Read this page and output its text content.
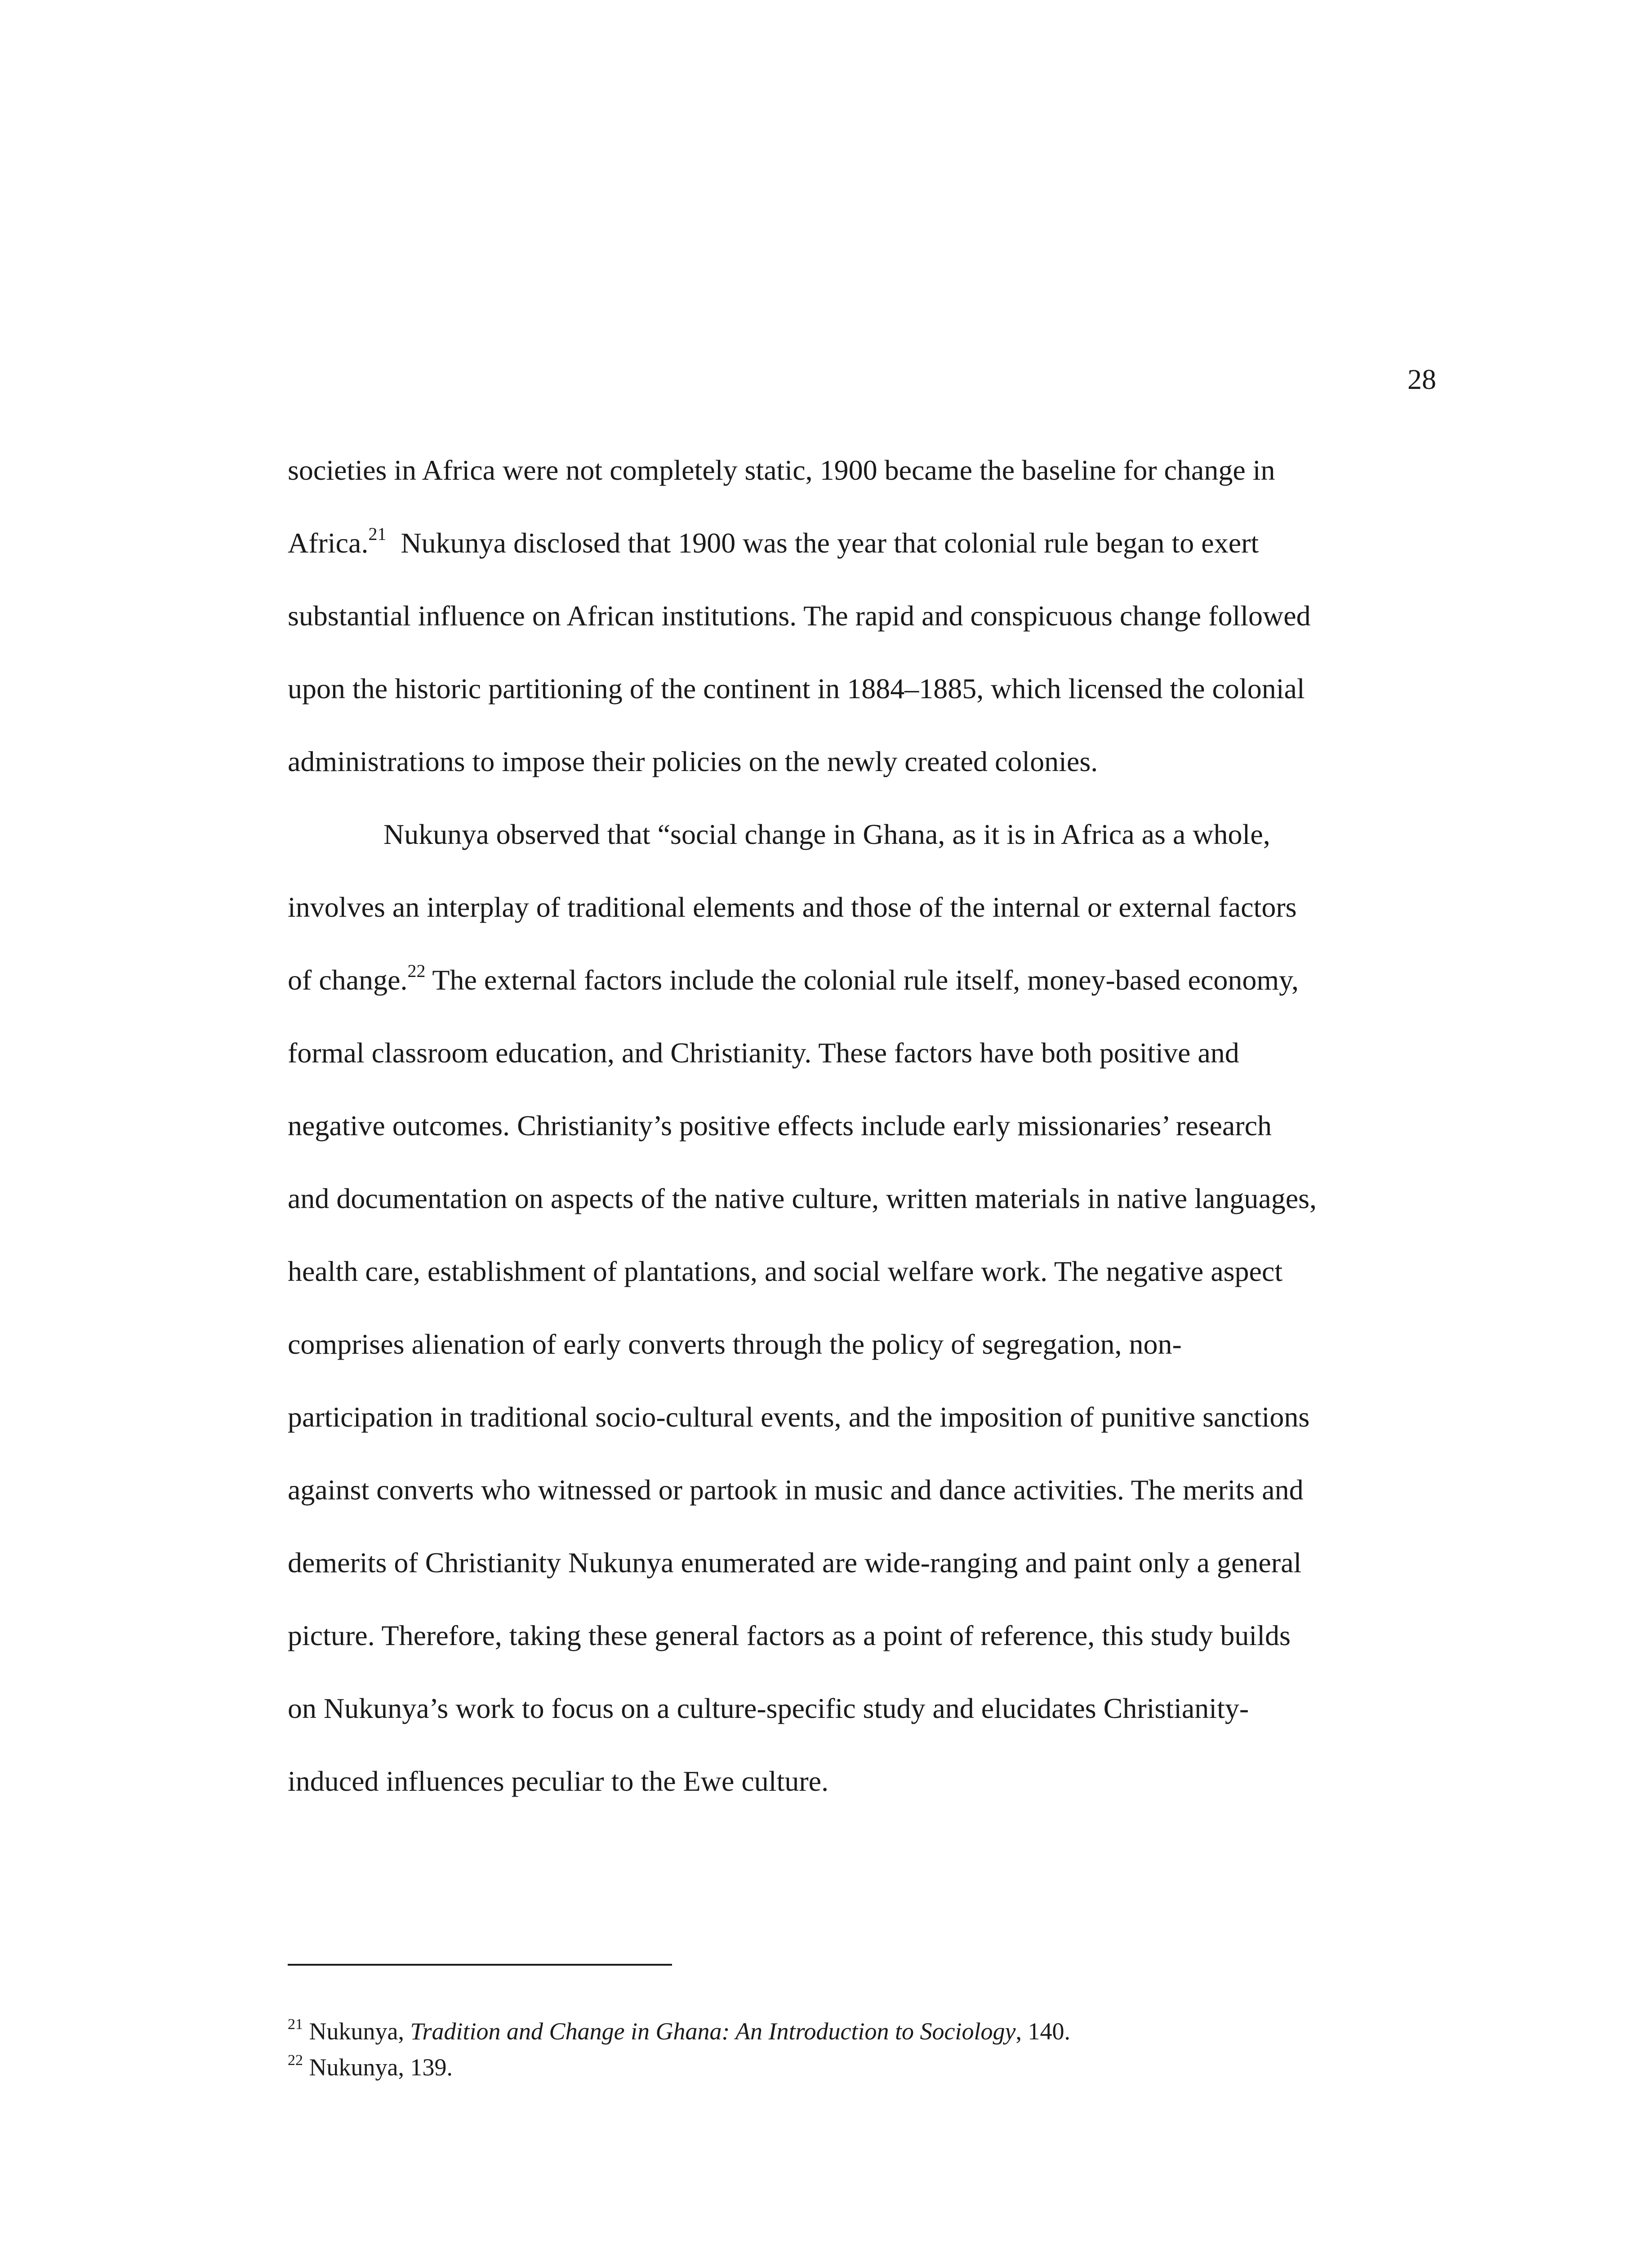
28

societies in Africa were not completely static, 1900 became the baseline for change in
Africa.$^{21}$  Nukunya disclosed that 1900 was the year that colonial rule began to exert
substantial influence on African institutions. The rapid and conspicuous change followed
upon the historic partitioning of the continent in 1884–1885, which licensed the colonial
administrations to impose their policies on the newly created colonies.

Nukunya observed that “social change in Ghana, as it is in Africa as a whole,
involves an interplay of traditional elements and those of the internal or external factors
of change.$^{22}$ The external factors include the colonial rule itself, money-based economy,
formal classroom education, and Christianity. These factors have both positive and
negative outcomes. Christianity’s positive effects include early missionaries’ research
and documentation on aspects of the native culture, written materials in native languages,
health care, establishment of plantations, and social welfare work. The negative aspect
comprises alienation of early converts through the policy of segregation, non-
participation in traditional socio-cultural events, and the imposition of punitive sanctions
against converts who witnessed or partook in music and dance activities. The merits and
demerits of Christianity Nukunya enumerated are wide-ranging and paint only a general
picture. Therefore, taking these general factors as a point of reference, this study builds
on Nukunya’s work to focus on a culture-specific study and elucidates Christianity-
induced influences peculiar to the Ewe culture.

$^{21}$ Nukunya, Tradition and Change in Ghana: An Introduction to Sociology, 140.
$^{22}$ Nukunya, 139.
